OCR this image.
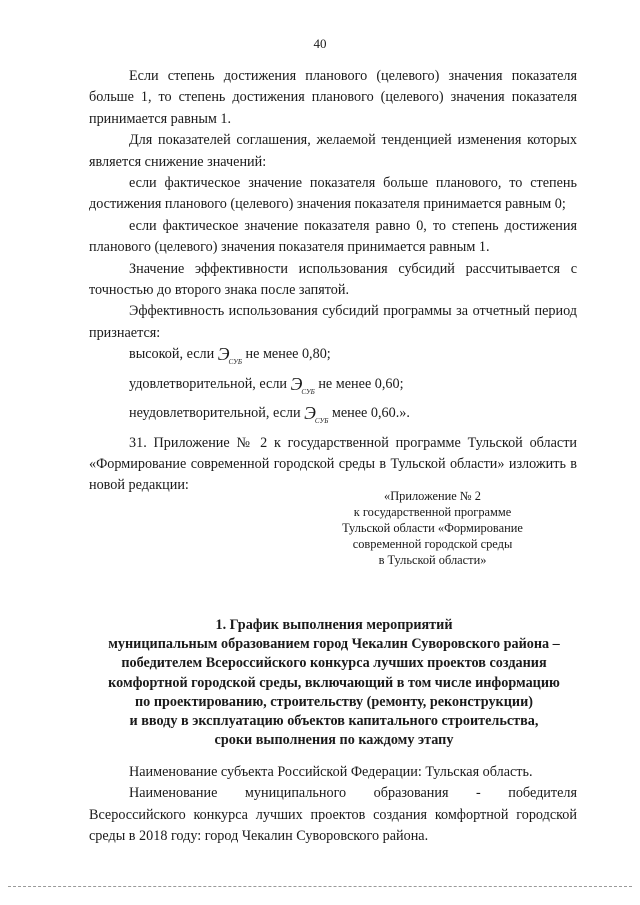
40

Если степень достижения планового (целевого) значения показателя больше 1, то степень достижения планового (целевого) значения показателя принимается равным 1.

Для показателей соглашения, желаемой тенденцией изменения которых является снижение значений:

если фактическое значение показателя больше планового, то степень достижения планового (целевого) значения показателя принимается равным 0;

если фактическое значение показателя равно 0, то степень достижения планового (целевого) значения показателя принимается равным 1.

Значение эффективности использования субсидий рассчитывается с точностью до второго знака после запятой.

Эффективность использования субсидий программы за отчетный период признается:

высокой, если $Э_{СУБ}$ не менее 0,80;

удовлетворительной, если $Э_{СУБ}$ не менее 0,60;

неудовлетворительной, если $Э_{СУБ}$ менее 0,60.».

31. Приложение № 2 к государственной программе Тульской области «Формирование современной городской среды в Тульской области» изложить в новой редакции:

«Приложение № 2
к государственной программе
Тульской области «Формирование
современной городской среды
в Тульской области»
1. График выполнения мероприятий
муниципальным образованием город Чекалин Суворовского района –
победителем Всероссийского конкурса лучших проектов создания
комфортной городской среды, включающий в том числе информацию
по проектированию, строительству (ремонту, реконструкции)
и вводу в эксплуатацию объектов капитального строительства,
сроки выполнения по каждому этапу

Наименование субъекта Российской Федерации: Тульская область.

Наименование муниципального образования - победителя Всероссийского конкурса лучших проектов создания комфортной городской среды в 2018 году: город Чекалин Суворовского района.
